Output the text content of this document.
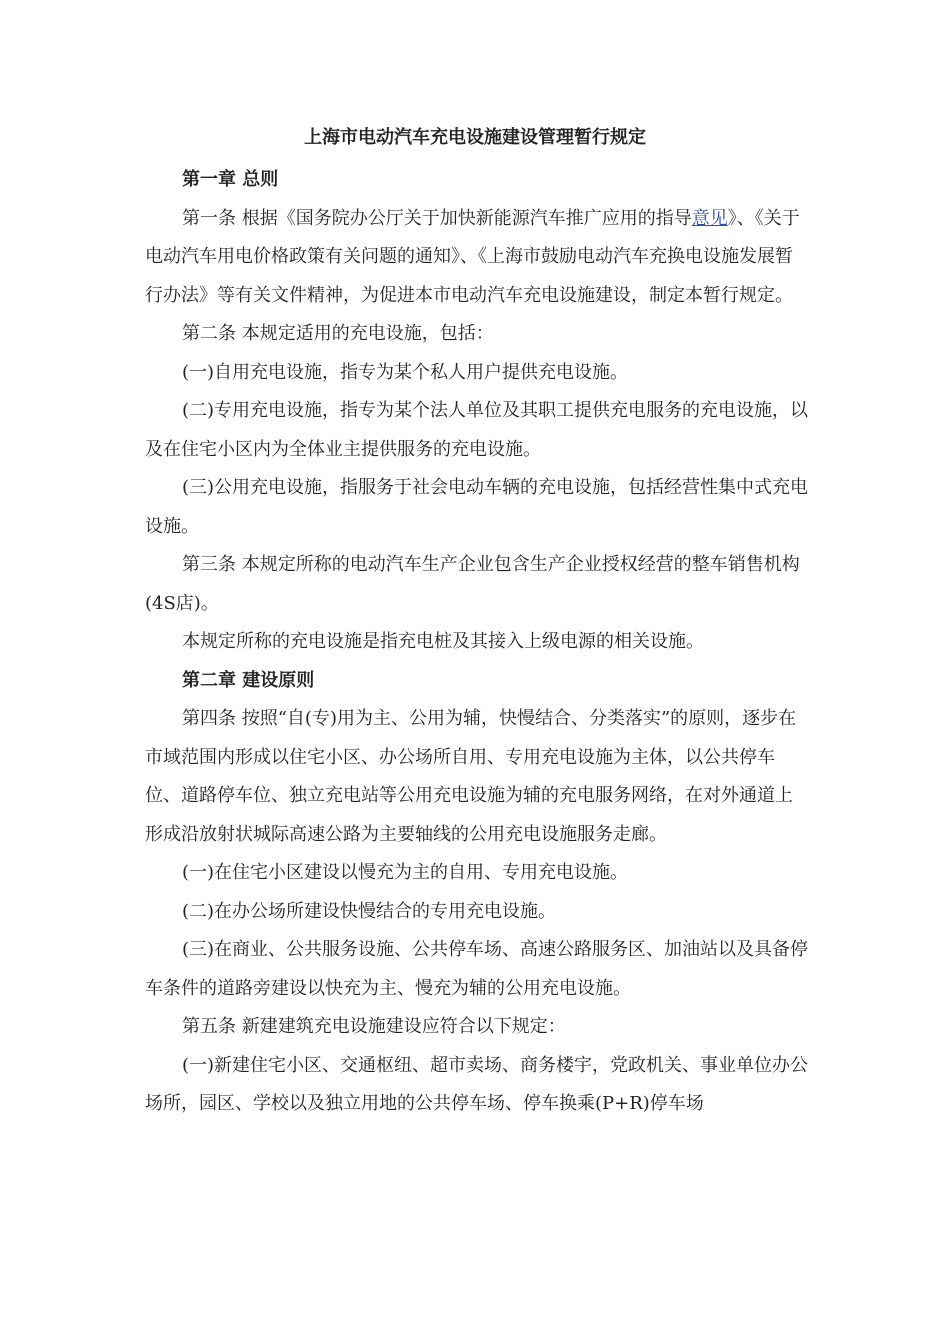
上海市电动汽车充电设施建设管理暂行规定

第一章 总则

第一条 根据《国务院办公厅关于加快新能源汽车推广应用的指导意见》、《关于电动汽车用电价格政策有关问题的通知》、《上海市鼓励电动汽车充换电设施发展暂行办法》等有关文件精神，为促进本市电动汽车充电设施建设，制定本暂行规定。

第二条 本规定适用的充电设施，包括：

(一)自用充电设施，指专为某个私人用户提供充电设施。

(二)专用充电设施，指专为某个法人单位及其职工提供充电服务的充电设施，以及在住宅小区内为全体业主提供服务的充电设施。

(三)公用充电设施，指服务于社会电动车辆的充电设施，包括经营性集中式充电设施。

第三条 本规定所称的电动汽车生产企业包含生产企业授权经营的整车销售机构(4S店)。

本规定所称的充电设施是指充电桩及其接入上级电源的相关设施。

第二章 建设原则

第四条 按照“自(专)用为主、公用为辅，快慢结合、分类落实”的原则，逐步在市域范围内形成以住宅小区、办公场所自用、专用充电设施为主体，以公共停车位、道路停车位、独立充电站等公用充电设施为辅的充电服务网络，在对外通道上形成沿放射状城际高速公路为主要轴线的公用充电设施服务走廊。

(一)在住宅小区建设以慢充为主的自用、专用充电设施。

(二)在办公场所建设快慢结合的专用充电设施。

(三)在商业、公共服务设施、公共停车场、高速公路服务区、加油站以及具备停车条件的道路旁建设以快充为主、慢充为辅的公用充电设施。

第五条 新建建筑充电设施建设应符合以下规定：

(一)新建住宅小区、交通枢纽、超市卖场、商务楼宇，党政机关、事业单位办公场所，园区、学校以及独立用地的公共停车场、停车换乘(P+R)停车场
